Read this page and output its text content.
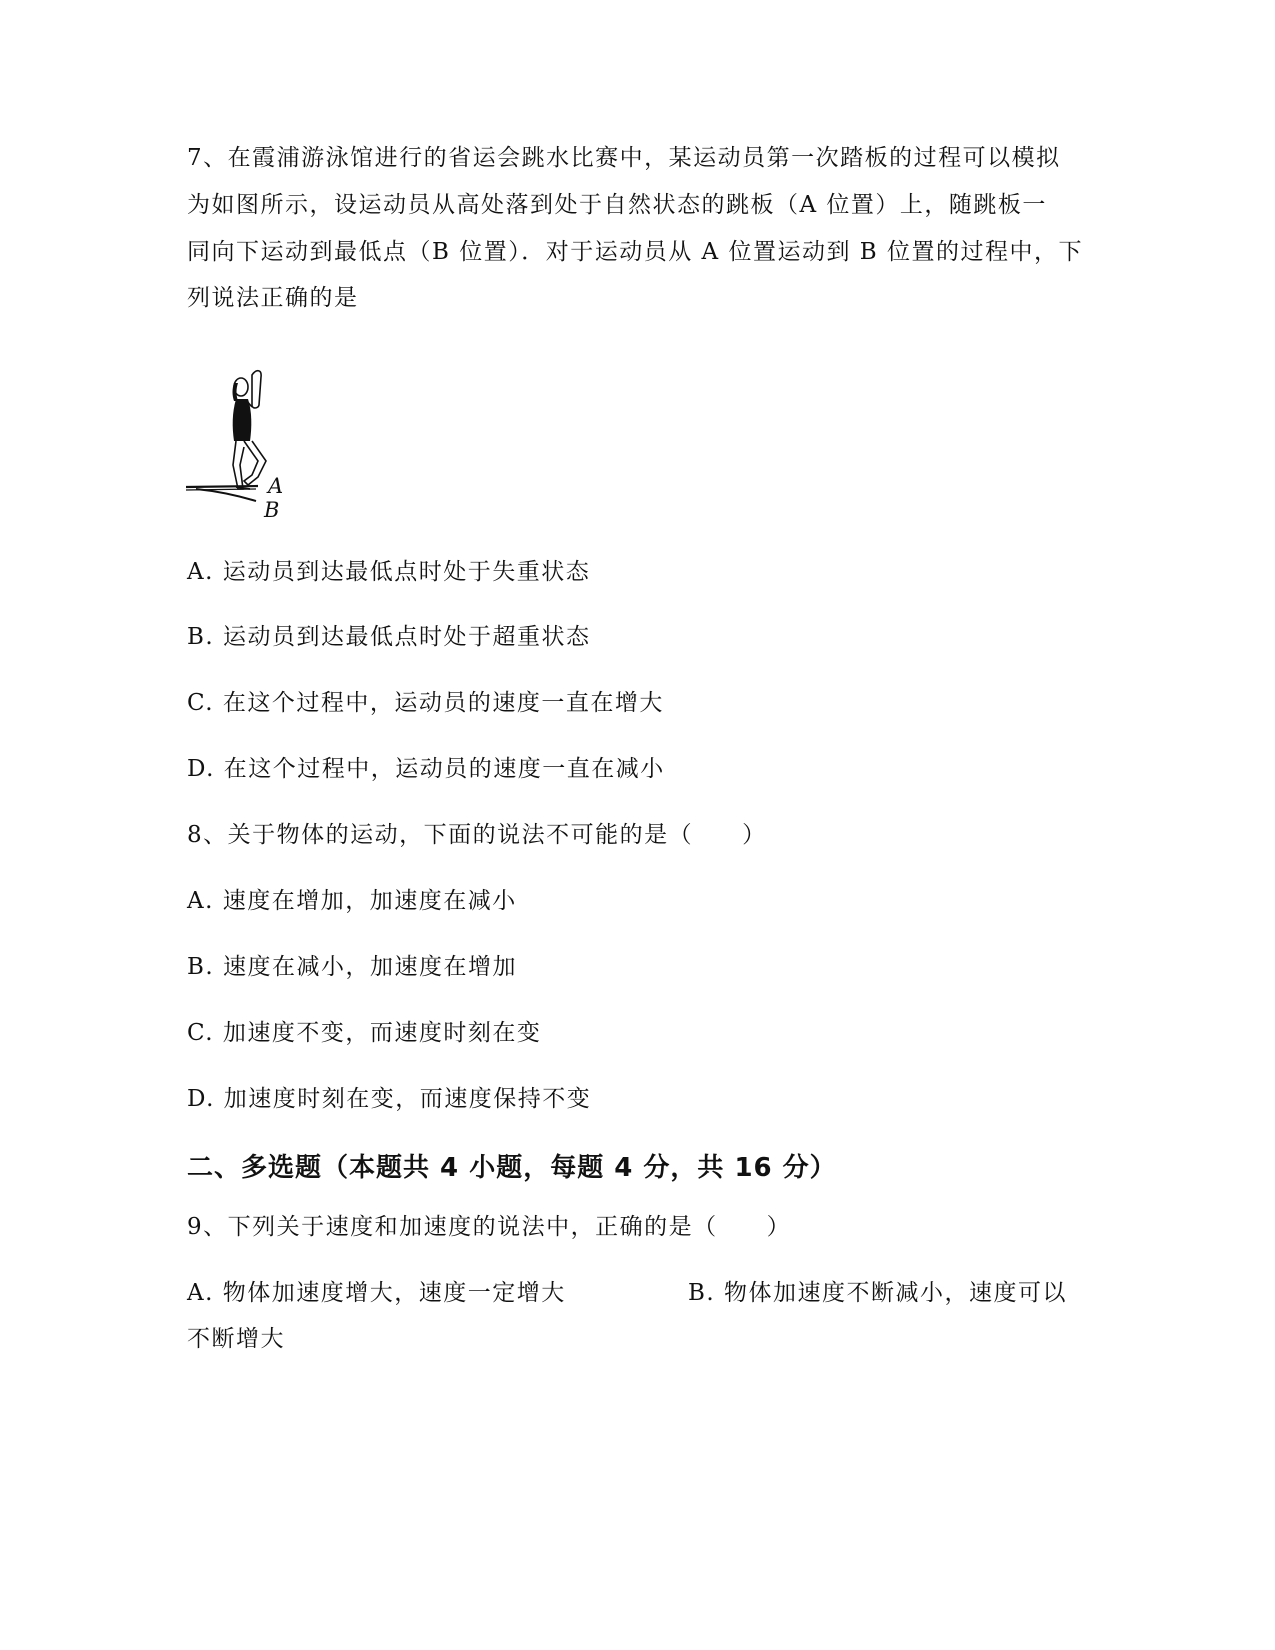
7、在霞浦游泳馆进行的省运会跳水比赛中，某运动员第一次踏板的过程可以模拟
为如图所示，设运动员从高处落到处于自然状态的跳板（A 位置）上，随跳板一
同向下运动到最低点（B 位置）．对于运动员从 A 位置运动到 B 位置的过程中，下
列说法正确的是
A
B
A. 运动员到达最低点时处于失重状态
B. 运动员到达最低点时处于超重状态
C. 在这个过程中，运动员的速度一直在增大
D. 在这个过程中，运动员的速度一直在减小
8、关于物体的运动，下面的说法不可能的是（　　）
A. 速度在增加，加速度在减小
B. 速度在减小，加速度在增加
C. 加速度不变，而速度时刻在变
D. 加速度时刻在变，而速度保持不变
二、多选题（本题共 4 小题，每题 4 分，共 16 分）
9、下列关于速度和加速度的说法中，正确的是（　　）
A. 物体加速度增大，速度一定增大	B. 物体加速度不断减小，速度可以
不断增大
